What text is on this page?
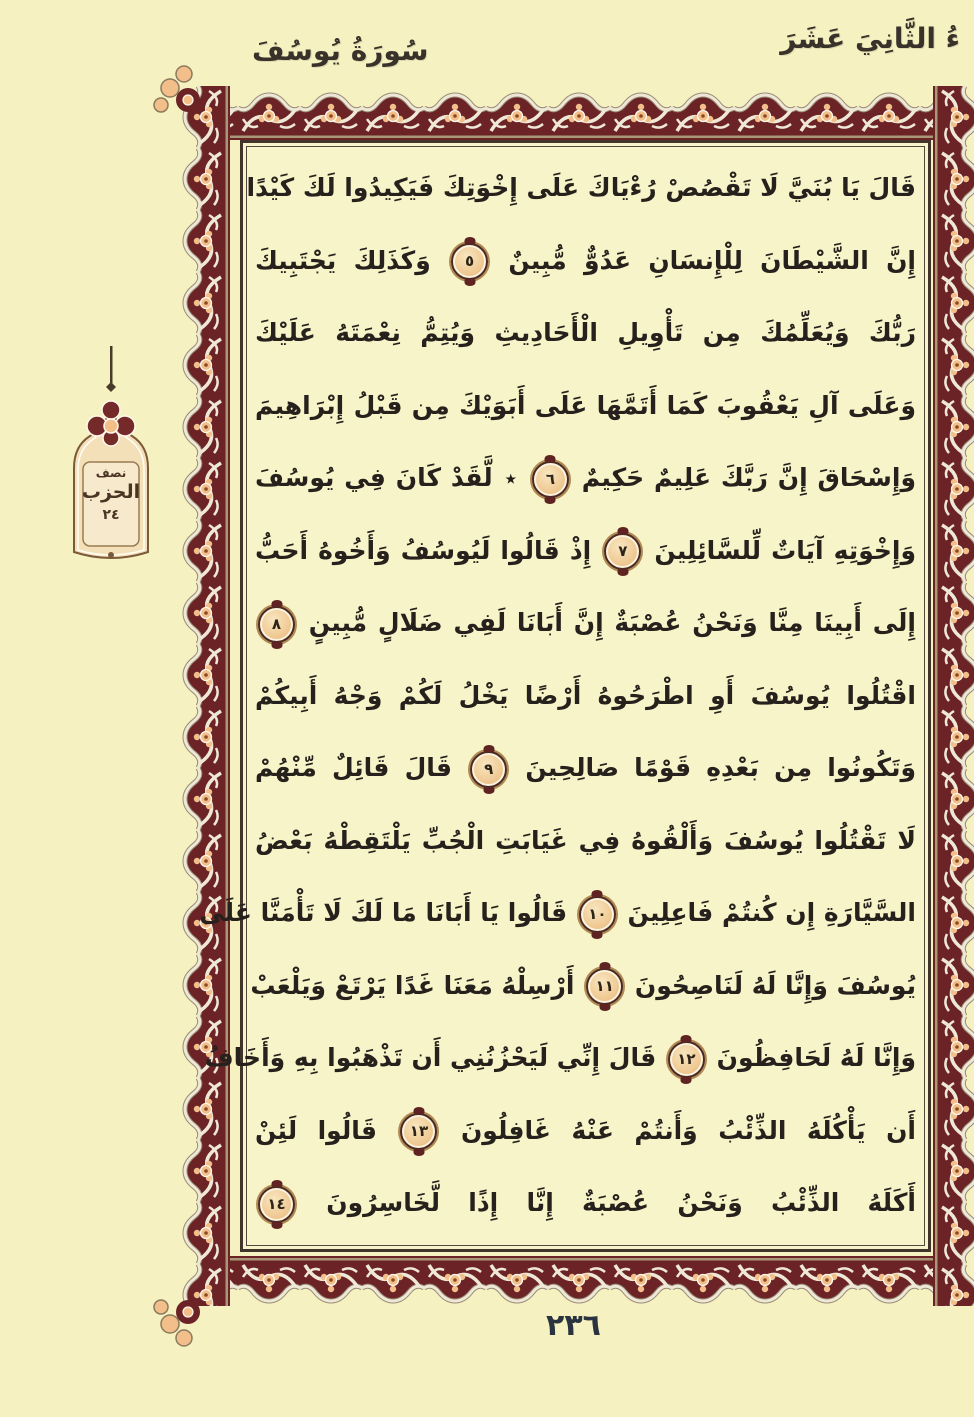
ءُ الثَّانِيَ عَشَرَ
سُورَةُ يُوسُفَ
نصف
الحزب
٢٤
قَالَ يَا بُنَيَّ لَا تَقْصُصْ رُءْيَاكَ عَلَى إِخْوَتِكَ فَيَكِيدُوا لَكَ كَيْدًا
إِنَّ الشَّيْطَانَ لِلْإِنسَانِ عَدُوٌّ مُّبِينٌ
٥
وَكَذَلِكَ يَجْتَبِيكَ
رَبُّكَ وَيُعَلِّمُكَ مِن تَأْوِيلِ الْأَحَادِيثِ وَيُتِمُّ نِعْمَتَهُ عَلَيْكَ
وَعَلَى آلِ يَعْقُوبَ كَمَا أَتَمَّهَا عَلَى أَبَوَيْكَ مِن قَبْلُ إِبْرَاهِيمَ
وَإِسْحَاقَ إِنَّ رَبَّكَ عَلِيمٌ حَكِيمٌ
٦
٭ لَّقَدْ كَانَ فِي يُوسُفَ
وَإِخْوَتِهِ آيَاتٌ لِّلسَّائِلِينَ
٧
إِذْ قَالُوا لَيُوسُفُ وَأَخُوهُ أَحَبُّ
إِلَى أَبِينَا مِنَّا وَنَحْنُ عُصْبَةٌ إِنَّ أَبَانَا لَفِي ضَلَالٍ مُّبِينٍ
٨
اقْتُلُوا يُوسُفَ أَوِ اطْرَحُوهُ أَرْضًا يَخْلُ لَكُمْ وَجْهُ أَبِيكُمْ
وَتَكُونُوا مِن بَعْدِهِ قَوْمًا صَالِحِينَ
٩
قَالَ قَائِلٌ مِّنْهُمْ
لَا تَقْتُلُوا يُوسُفَ وَأَلْقُوهُ فِي غَيَابَتِ الْجُبِّ يَلْتَقِطْهُ بَعْضُ
السَّيَّارَةِ إِن كُنتُمْ فَاعِلِينَ
١٠
قَالُوا يَا أَبَانَا مَا لَكَ لَا تَأْمَنَّا عَلَى
يُوسُفَ وَإِنَّا لَهُ لَنَاصِحُونَ
١١
أَرْسِلْهُ مَعَنَا غَدًا يَرْتَعْ وَيَلْعَبْ
وَإِنَّا لَهُ لَحَافِظُونَ
١٢
قَالَ إِنِّي لَيَحْزُنُنِي أَن تَذْهَبُوا بِهِ وَأَخَافُ
أَن يَأْكُلَهُ الذِّئْبُ وَأَنتُمْ عَنْهُ غَافِلُونَ
١٣
قَالُوا لَئِنْ
أَكَلَهُ الذِّئْبُ وَنَحْنُ عُصْبَةٌ إِنَّا إِذًا لَّخَاسِرُونَ
١٤
٢٣٦
